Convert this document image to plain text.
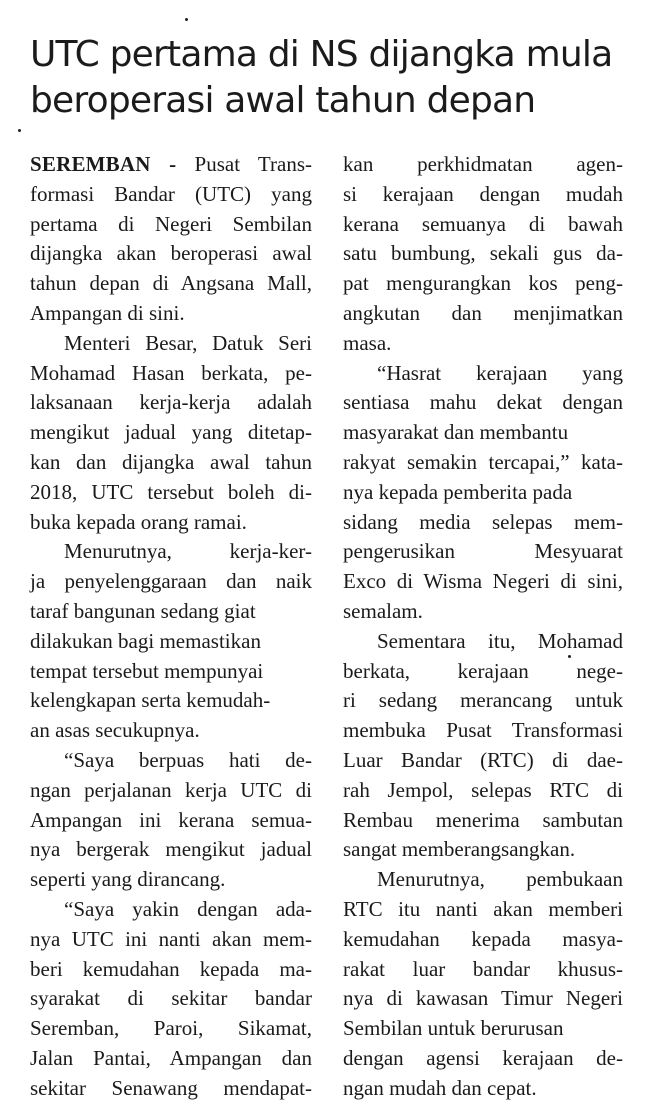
UTC pertama di NS dijangka mula
beroperasi awal tahun depan
SEREMBAN - Pusat Trans-
formasi Bandar (UTC) yang
pertama di Negeri Sembilan
dijangka akan beroperasi awal
tahun depan di Angsana Mall,
Ampangan di sini.
Menteri Besar, Datuk Seri
Mohamad Hasan berkata, pe-
laksanaan kerja-kerja adalah
mengikut jadual yang ditetap-
kan dan dijangka awal tahun
2018, UTC tersebut boleh di-
buka kepada orang ramai.
Menurutnya, kerja-ker-
ja penyelenggaraan dan naik
taraf bangunan sedang giat
dilakukan bagi memastikan
tempat tersebut mempunyai
kelengkapan serta kemudah-
an asas secukupnya.
“Saya berpuas hati de-
ngan perjalanan kerja UTC di
Ampangan ini kerana semua-
nya bergerak mengikut jadual
seperti yang dirancang.
“Saya yakin dengan ada-
nya UTC ini nanti akan mem-
beri kemudahan kepada ma-
syarakat di sekitar bandar
Seremban, Paroi, Sikamat,
Jalan Pantai, Ampangan dan
sekitar Senawang mendapat-
kan perkhidmatan agen-
si kerajaan dengan mudah
kerana semuanya di bawah
satu bumbung, sekali gus da-
pat mengurangkan kos peng-
angkutan dan menjimatkan
masa.
“Hasrat kerajaan yang
sentiasa mahu dekat dengan
masyarakat dan membantu
rakyat semakin tercapai,” kata-
nya kepada pemberita pada
sidang media selepas mem-
pengerusikan Mesyuarat
Exco di Wisma Negeri di sini,
semalam.
Sementara itu, Mohamad
berkata, kerajaan nege-
ri sedang merancang untuk
membuka Pusat Transformasi
Luar Bandar (RTC) di dae-
rah Jempol, selepas RTC di
Rembau menerima sambutan
sangat memberangsangkan.
Menurutnya, pembukaan
RTC itu nanti akan memberi
kemudahan kepada masya-
rakat luar bandar khusus-
nya di kawasan Timur Negeri
Sembilan untuk berurusan
dengan agensi kerajaan de-
ngan mudah dan cepat.
